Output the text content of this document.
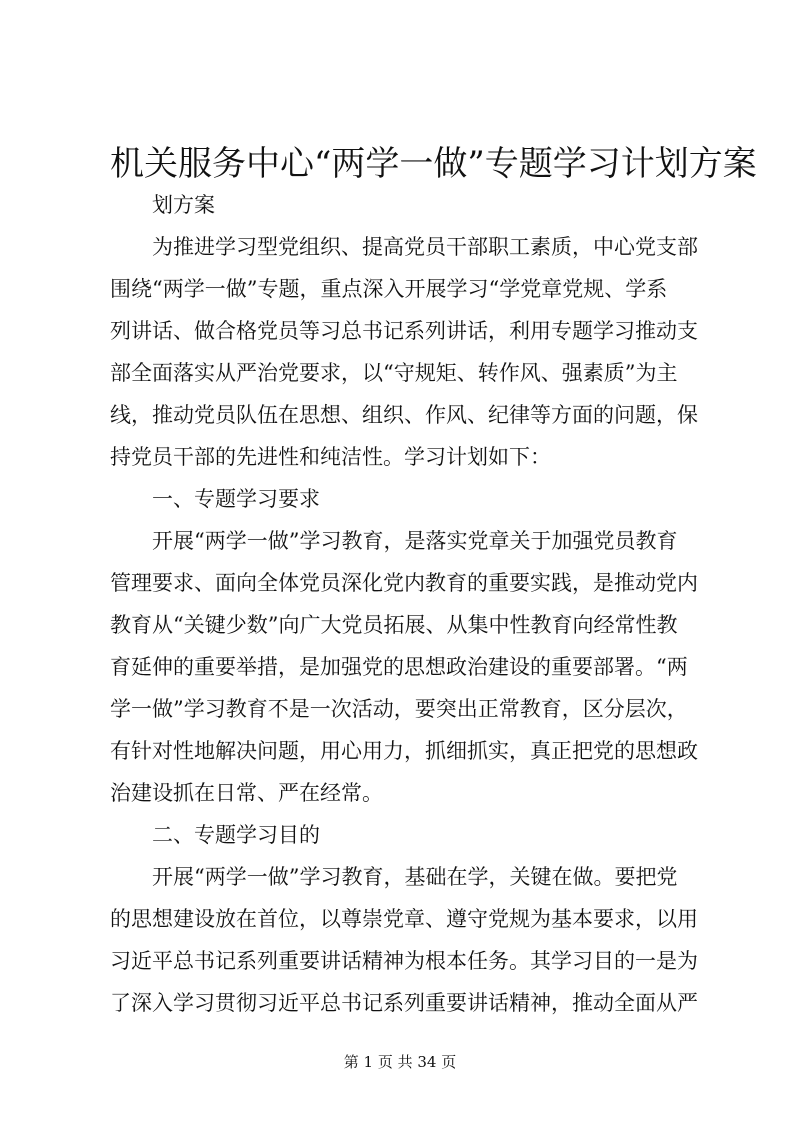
机关服务中心“两学一做”专题学习计划方案
　　划方案
　　为推进学习型党组织、提高党员干部职工素质，中心党支部
围绕“两学一做”专题，重点深入开展学习“学党章党规、学系
列讲话、做合格党员等习总书记系列讲话，利用专题学习推动支
部全面落实从严治党要求，以“守规矩、转作风、强素质”为主
线，推动党员队伍在思想、组织、作风、纪律等方面的问题，保
持党员干部的先进性和纯洁性。学习计划如下：
　　一、专题学习要求
　　开展“两学一做”学习教育，是落实党章关于加强党员教育
管理要求、面向全体党员深化党内教育的重要实践，是推动党内
教育从“关键少数”向广大党员拓展、从集中性教育向经常性教
育延伸的重要举措，是加强党的思想政治建设的重要部署。“两
学一做”学习教育不是一次活动，要突出正常教育，区分层次，
有针对性地解决问题，用心用力，抓细抓实，真正把党的思想政
治建设抓在日常、严在经常。
　　二、专题学习目的
　　开展“两学一做”学习教育，基础在学，关键在做。要把党
的思想建设放在首位，以尊崇党章、遵守党规为基本要求，以用
习近平总书记系列重要讲话精神为根本任务。其学习目的一是为
了深入学习贯彻习近平总书记系列重要讲话精神，推动全面从严
第 1 页 共 34 页
